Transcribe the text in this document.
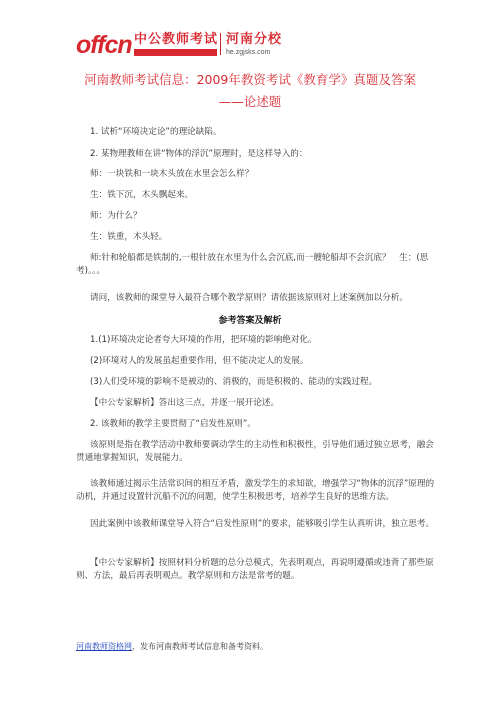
offcn 中公教师考试 河南分校
he.zgjsks.com
河南教师考试信息：2009年教资考试《教育学》真题及答案
——论述题

1. 试析“环境决定论”的理论缺陷。

2. 某物理教师在讲“物体的浮沉”原理时，是这样导入的：

师：一块铁和一块木头放在水里会怎么样？

生：铁下沉，木头飘起来。

师：为什么？

生：铁重，木头轻。

师:针和轮船都是铁制的,一根针放在水里为什么会沉底,而一艘轮船却不会沉底？　生：(思考)。。。

请问，该教师的课堂导入最符合哪个教学原则？请依据该原则对上述案例加以分析。

参考答案及解析

1.(1)环境决定论者夸大环境的作用，把环境的影响绝对化。

(2)环境对人的发展虽起重要作用，但不能决定人的发展。

(3)人们受环境的影响不是被动的、消极的，而是积极的、能动的实践过程。

【中公专家解析】答出这三点，并逐一展开论述。

2. 该教师的教学主要贯彻了“启发性原则”。

该原则是指在教学活动中教师要调动学生的主动性和积极性，引导他们通过独立思考，融会贯通地掌握知识，发展能力。

该教师通过揭示生活常识间的相互矛盾，激发学生的求知欲，增强学习“物体的沉浮”原理的动机，并通过设置针沉船不沉的问题，使学生积极思考，培养学生良好的思维方法。

因此案例中该教师课堂导入符合“启发性原则”的要求，能够吸引学生认真听讲，独立思考。

【中公专家解析】按照材料分析题的总分总模式，先表明观点，再说明遵循或违背了那些原则、方法，最后再表明观点。教学原则和方法是常考的题。

河南教师资格网，发布河南教师考试信息和备考资料。
